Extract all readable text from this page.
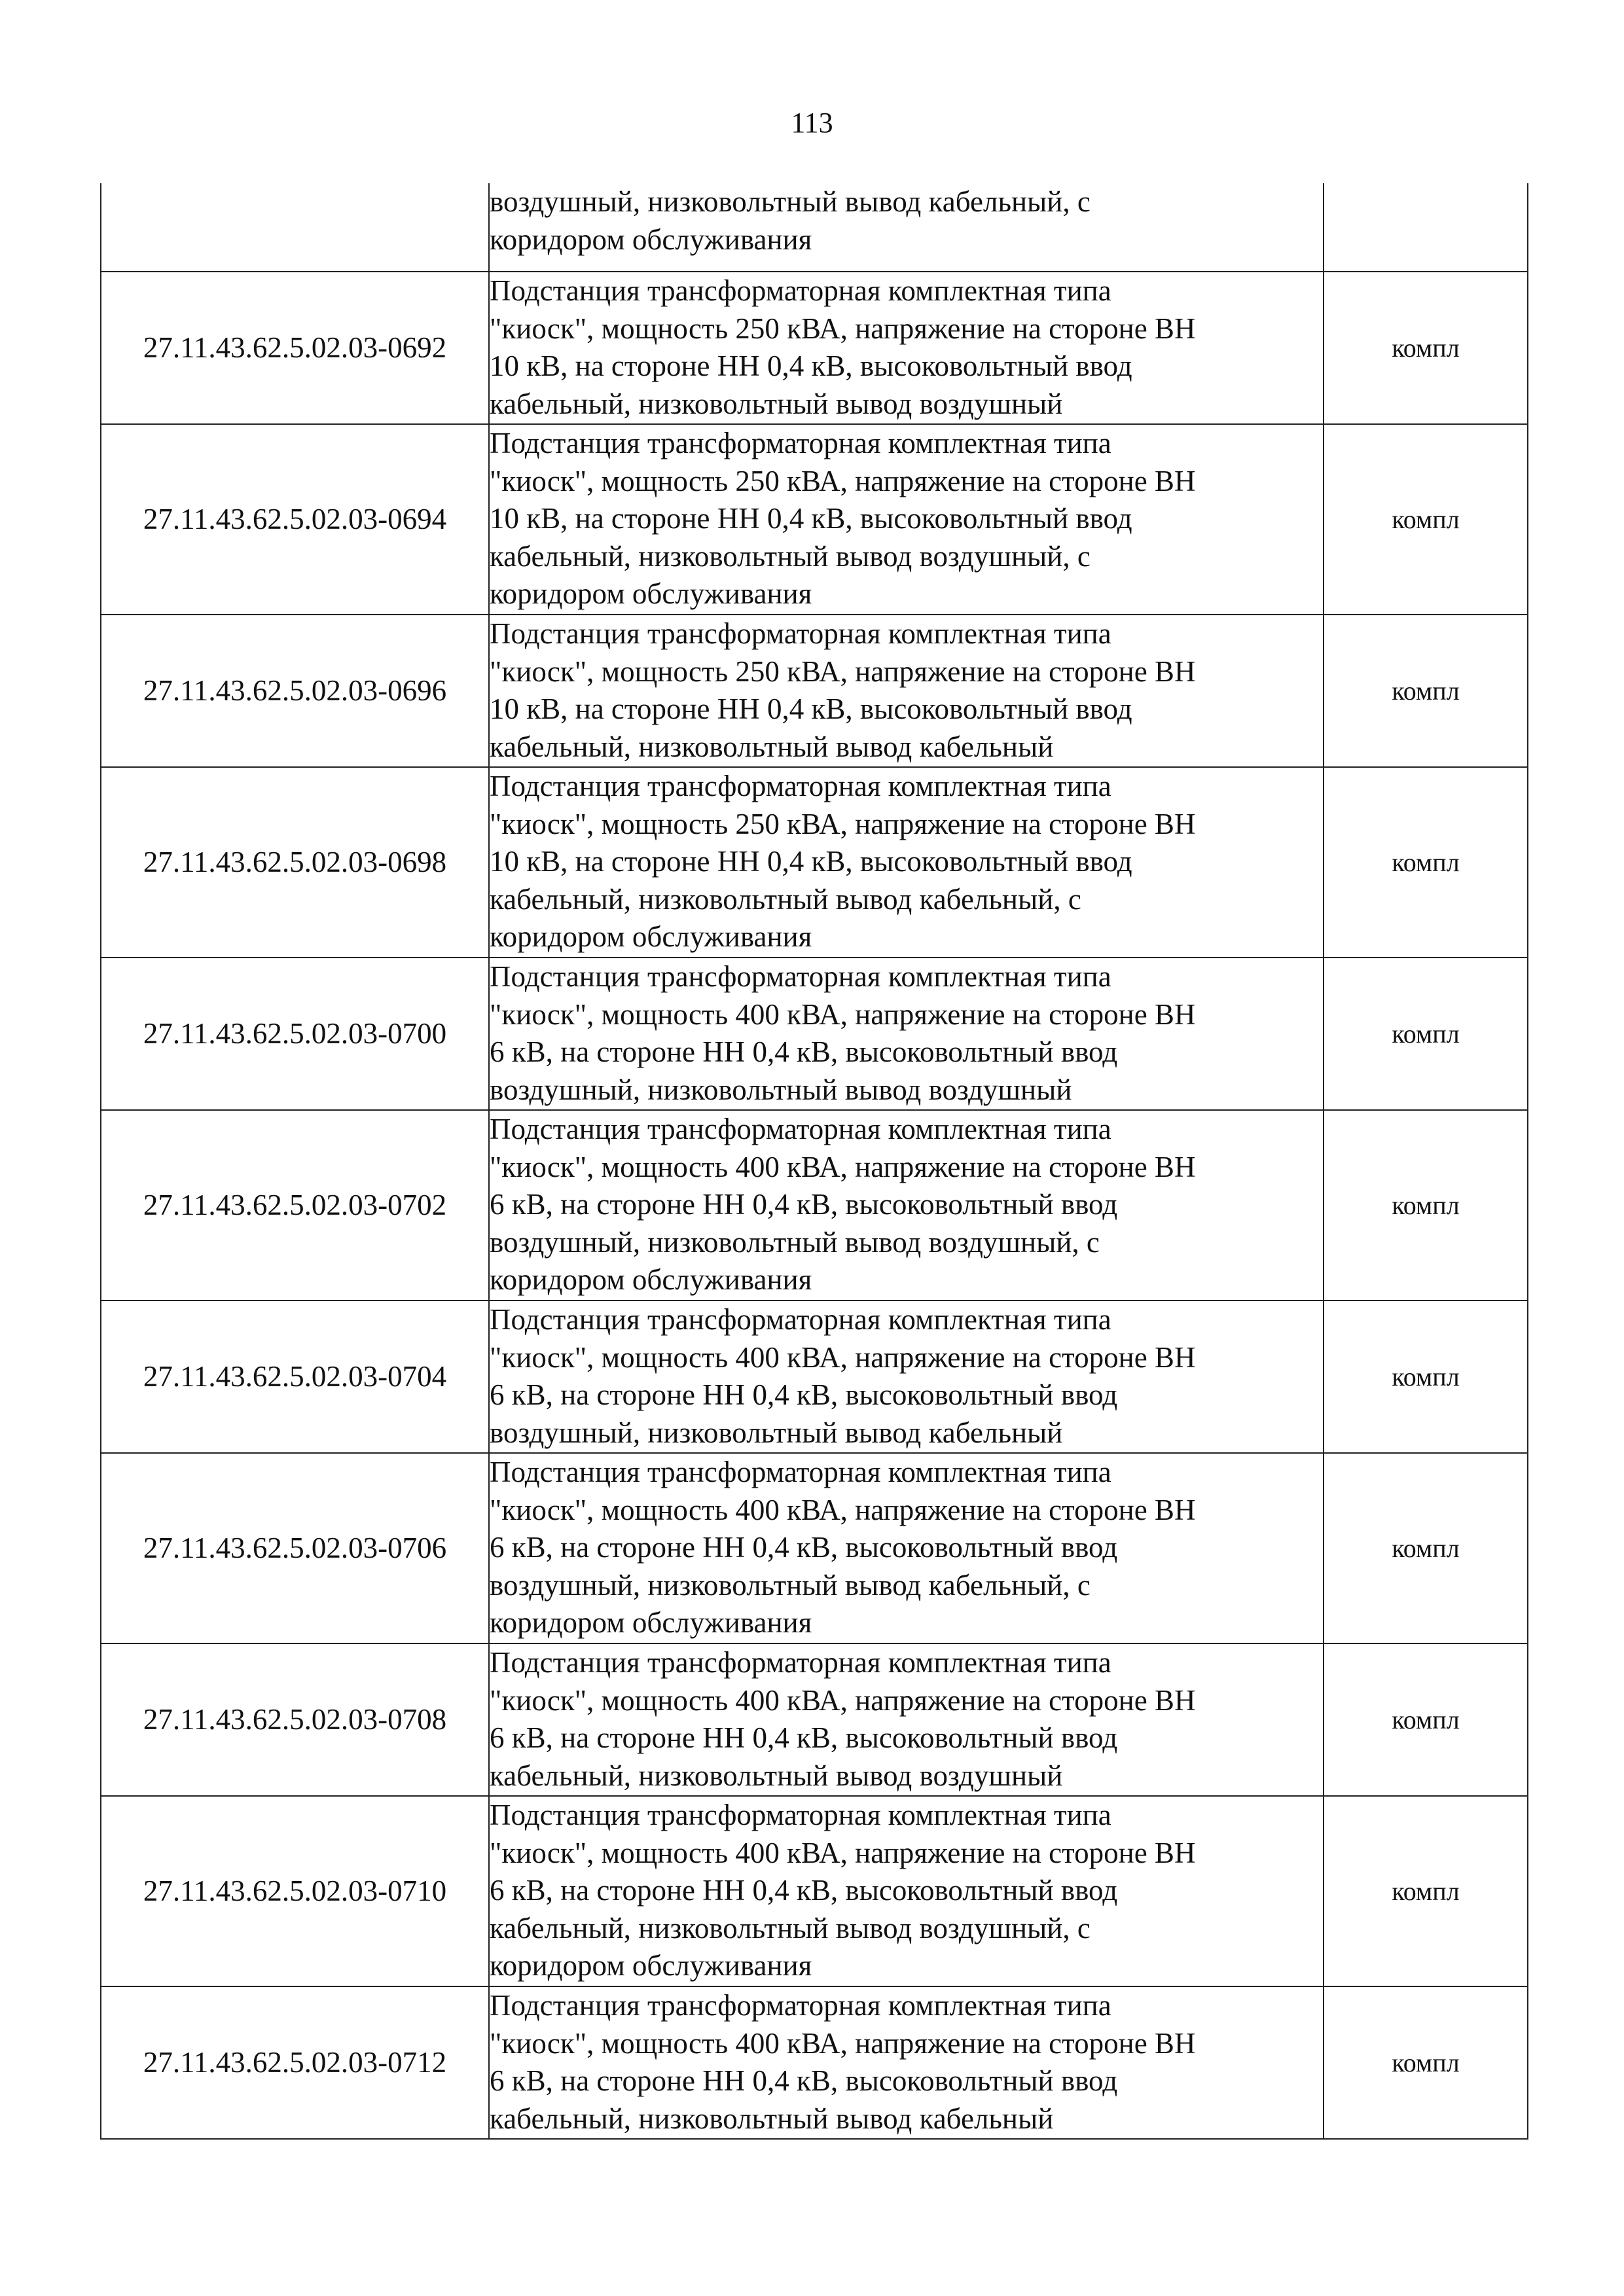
113

	воздушный, низковольтный вывод кабельный, с
коридором обслуживания	

27.11.43.62.5.02.03-0692	Подстанция трансформаторная комплектная типа
"киоск", мощность 250 кВА, напряжение на стороне ВН
10 кВ, на стороне НН 0,4 кВ, высоковольтный ввод
кабельный, низковольтный вывод воздушный	компл
27.11.43.62.5.02.03-0694	Подстанция трансформаторная комплектная типа
"киоск", мощность 250 кВА, напряжение на стороне ВН
10 кВ, на стороне НН 0,4 кВ, высоковольтный ввод
кабельный, низковольтный вывод воздушный, с
коридором обслуживания	компл
27.11.43.62.5.02.03-0696	Подстанция трансформаторная комплектная типа
"киоск", мощность 250 кВА, напряжение на стороне ВН
10 кВ, на стороне НН 0,4 кВ, высоковольтный ввод
кабельный, низковольтный вывод кабельный	компл
27.11.43.62.5.02.03-0698	Подстанция трансформаторная комплектная типа
"киоск", мощность 250 кВА, напряжение на стороне ВН
10 кВ, на стороне НН 0,4 кВ, высоковольтный ввод
кабельный, низковольтный вывод кабельный, с
коридором обслуживания	компл
27.11.43.62.5.02.03-0700	Подстанция трансформаторная комплектная типа
"киоск", мощность 400 кВА, напряжение на стороне ВН
6 кВ, на стороне НН 0,4 кВ, высоковольтный ввод
воздушный, низковольтный вывод воздушный	компл
27.11.43.62.5.02.03-0702	Подстанция трансформаторная комплектная типа
"киоск", мощность 400 кВА, напряжение на стороне ВН
6 кВ, на стороне НН 0,4 кВ, высоковольтный ввод
воздушный, низковольтный вывод воздушный, с
коридором обслуживания	компл
27.11.43.62.5.02.03-0704	Подстанция трансформаторная комплектная типа
"киоск", мощность 400 кВА, напряжение на стороне ВН
6 кВ, на стороне НН 0,4 кВ, высоковольтный ввод
воздушный, низковольтный вывод кабельный	компл
27.11.43.62.5.02.03-0706	Подстанция трансформаторная комплектная типа
"киоск", мощность 400 кВА, напряжение на стороне ВН
6 кВ, на стороне НН 0,4 кВ, высоковольтный ввод
воздушный, низковольтный вывод кабельный, с
коридором обслуживания	компл
27.11.43.62.5.02.03-0708	Подстанция трансформаторная комплектная типа
"киоск", мощность 400 кВА, напряжение на стороне ВН
6 кВ, на стороне НН 0,4 кВ, высоковольтный ввод
кабельный, низковольтный вывод воздушный	компл
27.11.43.62.5.02.03-0710	Подстанция трансформаторная комплектная типа
"киоск", мощность 400 кВА, напряжение на стороне ВН
6 кВ, на стороне НН 0,4 кВ, высоковольтный ввод
кабельный, низковольтный вывод воздушный, с
коридором обслуживания	компл
27.11.43.62.5.02.03-0712	Подстанция трансформаторная комплектная типа
"киоск", мощность 400 кВА, напряжение на стороне ВН
6 кВ, на стороне НН 0,4 кВ, высоковольтный ввод
кабельный, низковольтный вывод кабельный	компл
